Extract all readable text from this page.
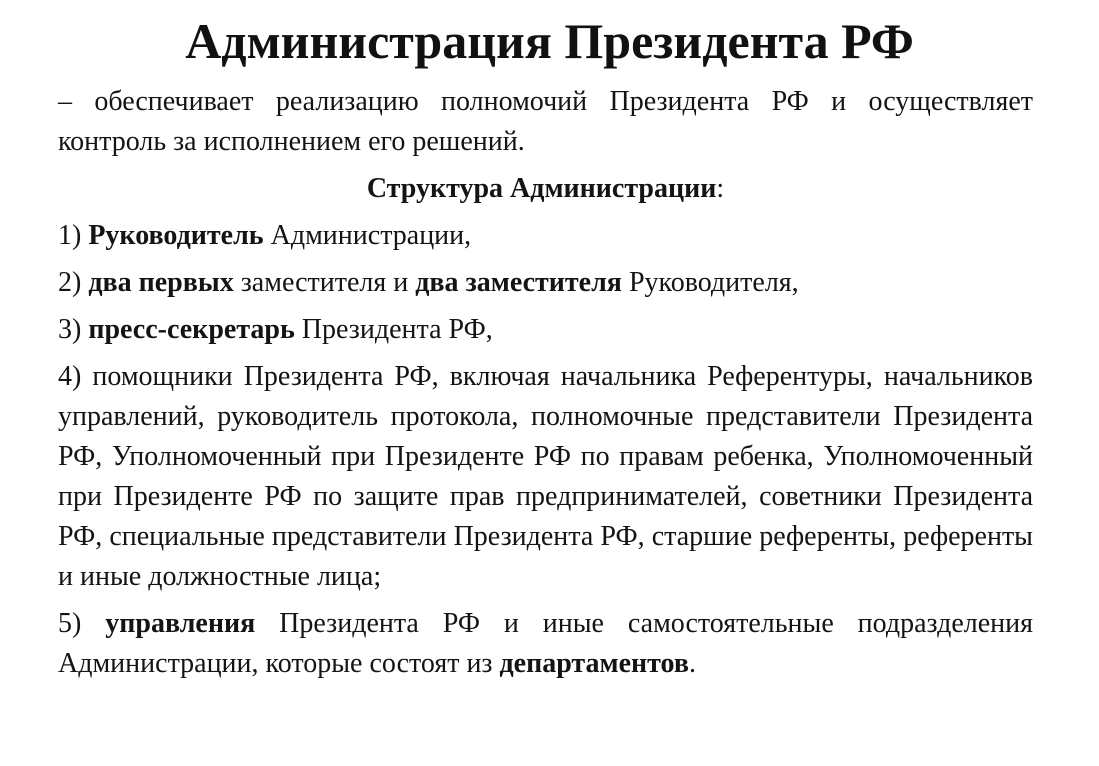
Администрация Президента РФ

– обеспечивает реализацию полномочий Президента РФ и осуществляет контроль за исполнением его решений.

Структура Администрации:

1) Руководитель Администрации,

2) два первых заместителя и два заместителя Руководителя,

3) пресс-секретарь Президента РФ,

4) помощники Президента РФ, включая начальника Референтуры, начальников управлений, руководитель протокола, полномочные представители Президента РФ, Уполномоченный при Президенте РФ по правам ребенка, Уполномоченный при Президенте РФ по защите прав предпринимателей, советники Президента РФ, специальные представители Президента РФ, старшие референты, референты и иные должностные лица;

5) управления Президента РФ и иные самостоятельные подразделения Администрации, которые состоят из департаментов.
